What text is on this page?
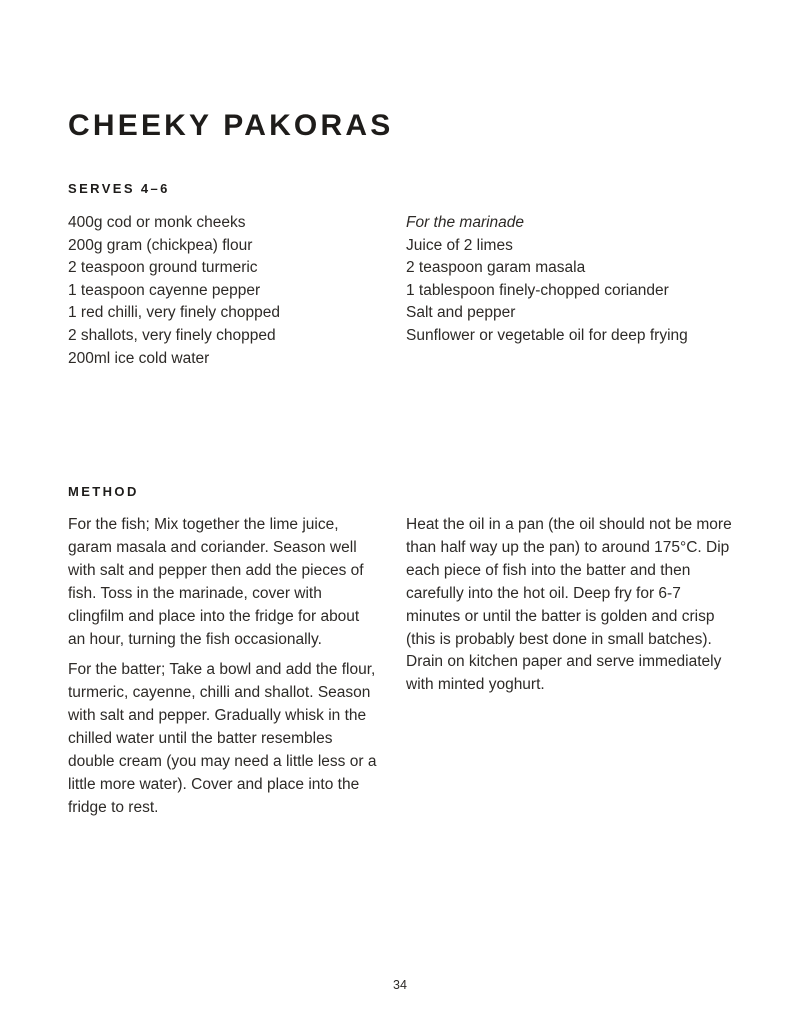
CHEEKY PAKORAS
SERVES 4–6
400g cod or monk cheeks
200g gram (chickpea) flour
2 teaspoon ground turmeric
1 teaspoon cayenne pepper
1 red chilli, very finely chopped
2 shallots, very finely chopped
200ml ice cold water
For the marinade
Juice of 2 limes
2 teaspoon garam masala
1 tablespoon finely-chopped coriander
Salt and pepper
Sunflower or vegetable oil for deep frying
METHOD

For the fish; Mix together the lime juice, garam masala and coriander. Season well with salt and pepper then add the pieces of fish. Toss in the marinade, cover with clingfilm and place into the fridge for about an hour, turning the fish occasionally.

For the batter; Take a bowl and add the flour, turmeric, cayenne, chilli and shallot. Season with salt and pepper. Gradually whisk in the chilled water until the batter resembles double cream (you may need a little less or a little more water). Cover and place into the fridge to rest.

Heat the oil in a pan (the oil should not be more than half way up the pan) to around 175°C. Dip each piece of fish into the batter and then carefully into the hot oil. Deep fry for 6-7 minutes or until the batter is golden and crisp (this is probably best done in small batches). Drain on kitchen paper and serve immediately with minted yoghurt.

34
